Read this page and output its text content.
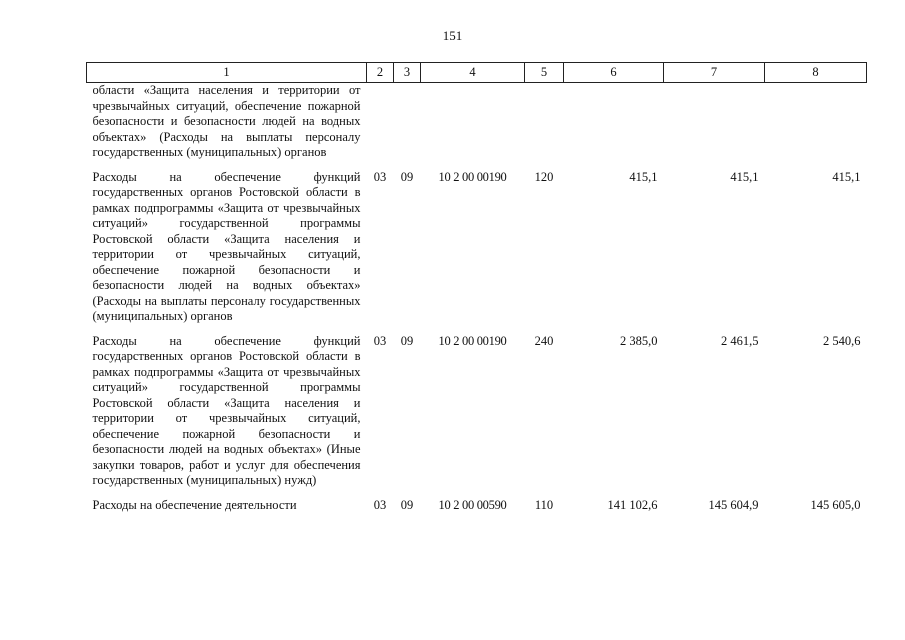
151
1	2	3	4	5	6	7	8
области «Защита населения и территории от чрезвычайных ситуаций, обеспечение пожарной безопасности и безопасности людей на водных объектах» (Расходы на выплаты персоналу государственных (муниципальных) органов							
Расходы на обеспечение функций государственных органов Ростовской области в рамках подпрограммы «Защита от чрезвычайных ситуаций» государственной программы Ростовской области «Защита населения и территории от чрезвычайных ситуаций, обеспечение пожарной безопасности и безопасности людей на водных объектах» (Расходы на выплаты персоналу государственных (муниципальных) органов	03	09	10 2 00 00190	120	415,1	415,1	415,1
Расходы на обеспечение функций государственных органов Ростовской области в рамках подпрограммы «Защита от чрезвычайных ситуаций» государственной программы Ростовской области «Защита населения и территории от чрезвычайных ситуаций, обеспечение пожарной безопасности и безопасности людей на водных объектах» (Иные закупки товаров, работ и услуг для обеспечения государственных (муниципальных) нужд)	03	09	10 2 00 00190	240	2 385,0	2 461,5	2 540,6
Расходы на обеспечение деятельности	03	09	10 2 00 00590	110	141 102,6	145 604,9	145 605,0
